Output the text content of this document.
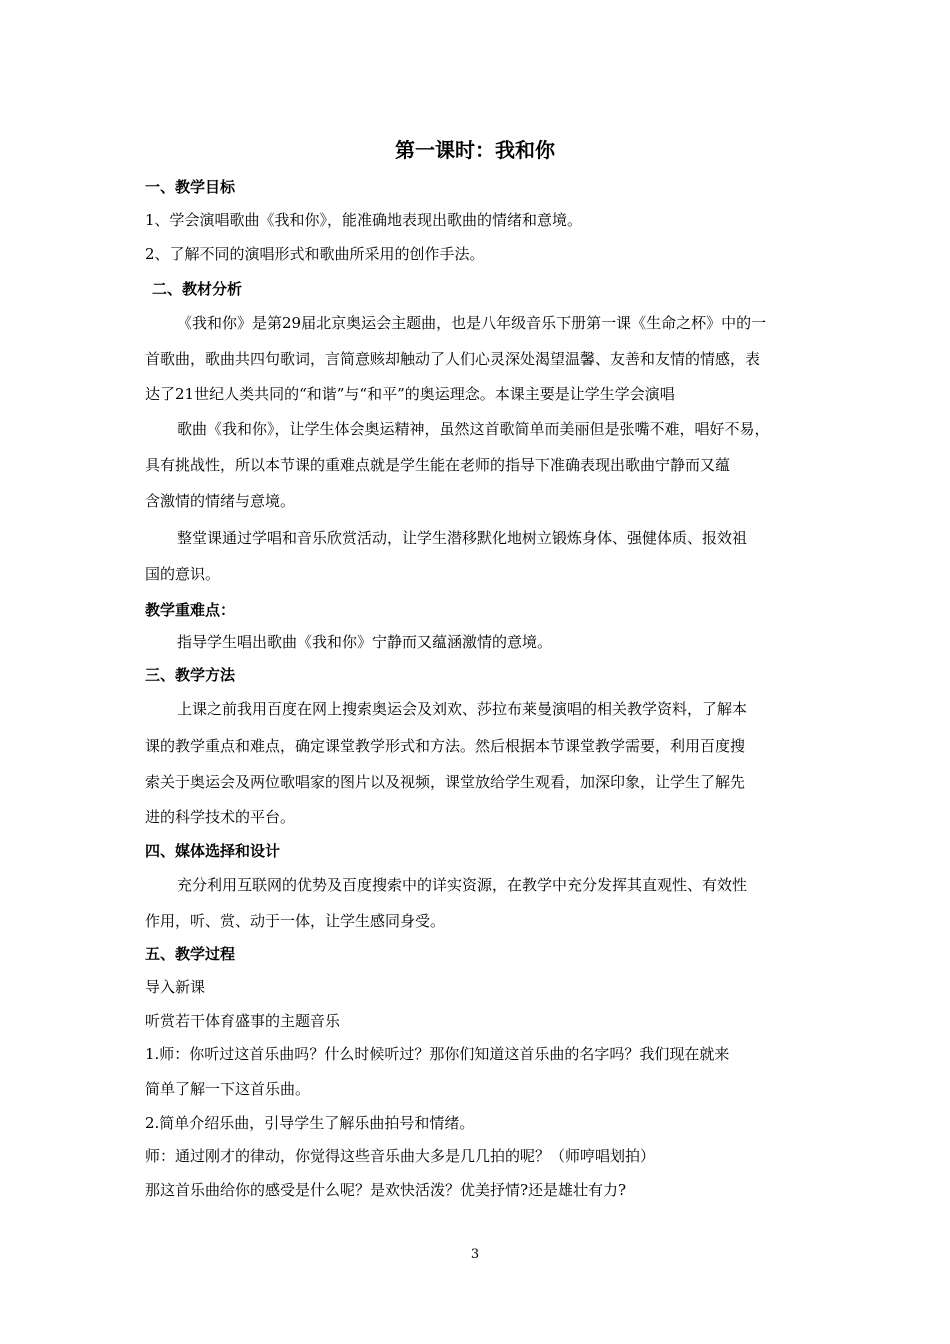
第一课时：我和你
一、教学目标
1、学会演唱歌曲《我和你》，能准确地表现出歌曲的情绪和意境。
2、了解不同的演唱形式和歌曲所采用的创作手法。
二、教材分析
《我和你》是第29届北京奥运会主题曲，也是八年级音乐下册第一课《生命之杯》中的一
首歌曲，歌曲共四句歌词，言简意赅却触动了人们心灵深处渴望温馨、友善和友情的情感，表
达了21世纪人类共同的“和谐”与“和平”的奥运理念。本课主要是让学生学会演唱
歌曲《我和你》，让学生体会奥运精神，虽然这首歌简单而美丽但是张嘴不难，唱好不易，
具有挑战性，所以本节课的重难点就是学生能在老师的指导下准确表现出歌曲宁静而又蕴
含激情的情绪与意境。
整堂课通过学唱和音乐欣赏活动，让学生潜移默化地树立锻炼身体、强健体质、报效祖
国的意识。
教学重难点：
指导学生唱出歌曲《我和你》宁静而又蕴涵激情的意境。
三、教学方法
上课之前我用百度在网上搜索奥运会及刘欢、莎拉布莱曼演唱的相关教学资料，了解本
课的教学重点和难点，确定课堂教学形式和方法。然后根据本节课堂教学需要，利用百度搜
索关于奥运会及两位歌唱家的图片以及视频，课堂放给学生观看，加深印象，让学生了解先
进的科学技术的平台。
四、媒体选择和设计
充分利用互联网的优势及百度搜索中的详实资源，在教学中充分发挥其直观性、有效性
作用，听、赏、动于一体，让学生感同身受。
五、教学过程
导入新课
听赏若干体育盛事的主题音乐
1.师：你听过这首乐曲吗？什么时候听过？那你们知道这首乐曲的名字吗？我们现在就来
简单了解一下这首乐曲。
2.简单介绍乐曲，引导学生了解乐曲拍号和情绪。
师：通过刚才的律动，你觉得这些音乐曲大多是几几拍的呢？（师哼唱划拍）
那这首乐曲给你的感受是什么呢？是欢快活泼？优美抒情?还是雄壮有力?
3
